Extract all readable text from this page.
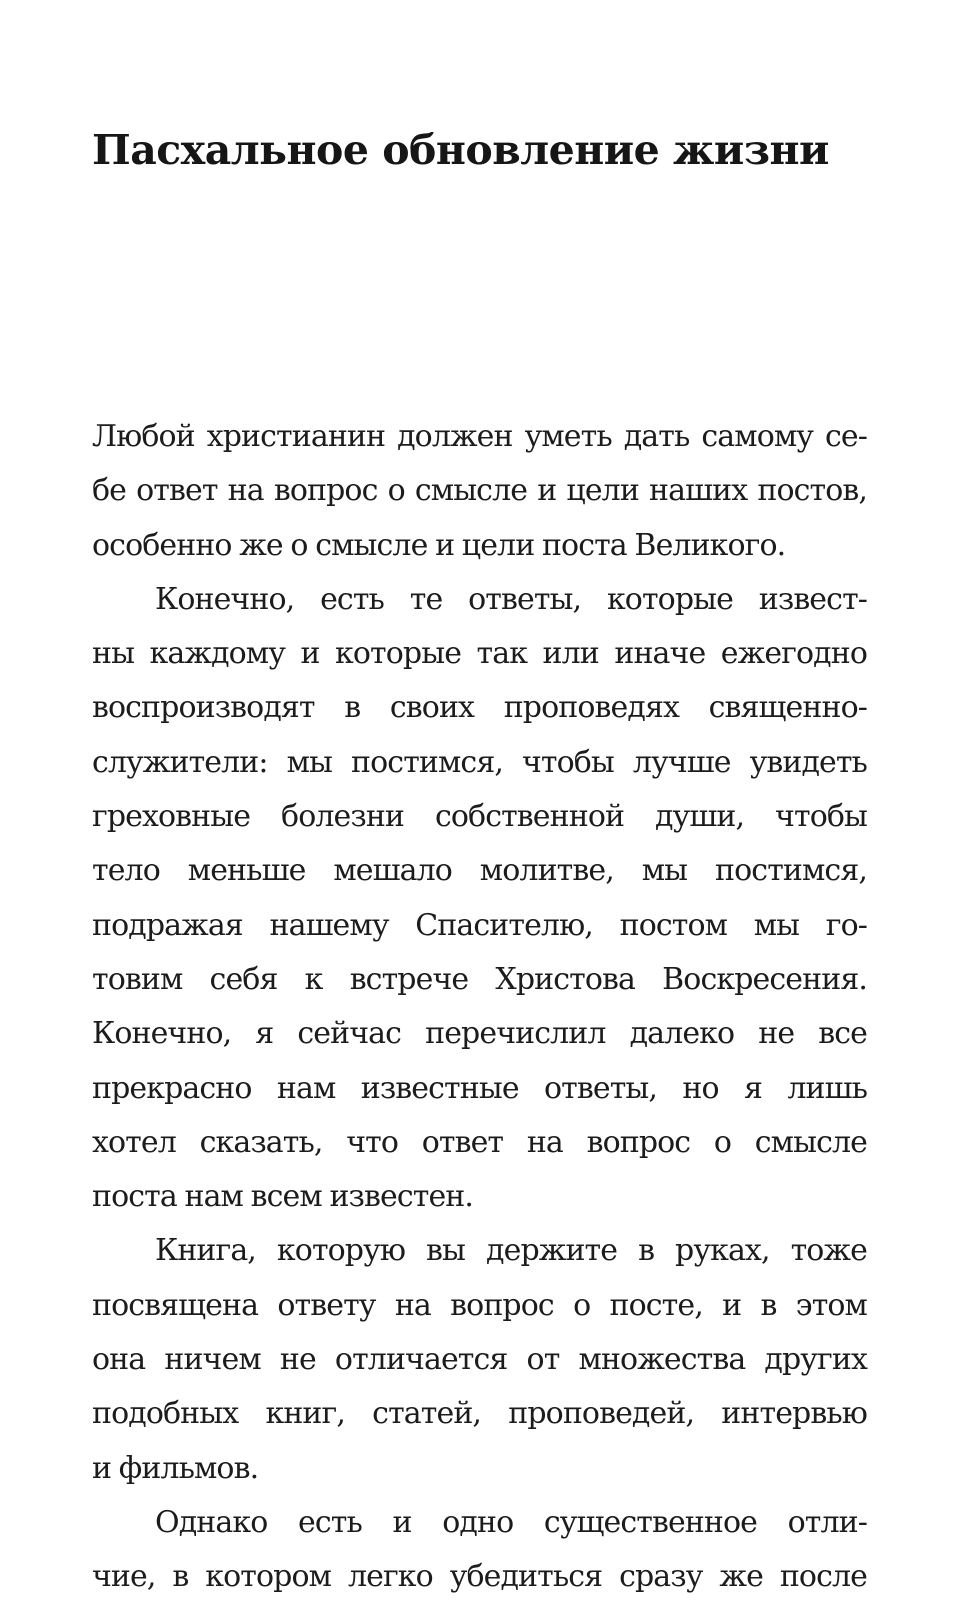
Пасхальное обновление жизни
Любой христианин должен уметь дать самому се-
бе ответ на вопрос о смысле и цели наших постов,
особенно же о смысле и цели поста Великого.
Конечно, есть те ответы, которые извест-
ны каждому и которые так или иначе ежегодно
воспроизводят в своих проповедях священно-
служители: мы постимся, чтобы лучше увидеть
греховные болезни собственной души, чтобы
тело меньше мешало молитве, мы постимся,
подражая нашему Спасителю, постом мы го-
товим себя к встрече Христова Воскресения.
Конечно, я сейчас перечислил далеко не все
прекрасно нам известные ответы, но я лишь
хотел сказать, что ответ на вопрос о смысле
поста нам всем известен.
Книга, которую вы держите в руках, тоже
посвящена ответу на вопрос о посте, и в этом
она ничем не отличается от множества других
подобных книг, статей, проповедей, интервью
и фильмов.
Однако есть и одно существенное отли-
чие, в котором легко убедиться сразу же после
